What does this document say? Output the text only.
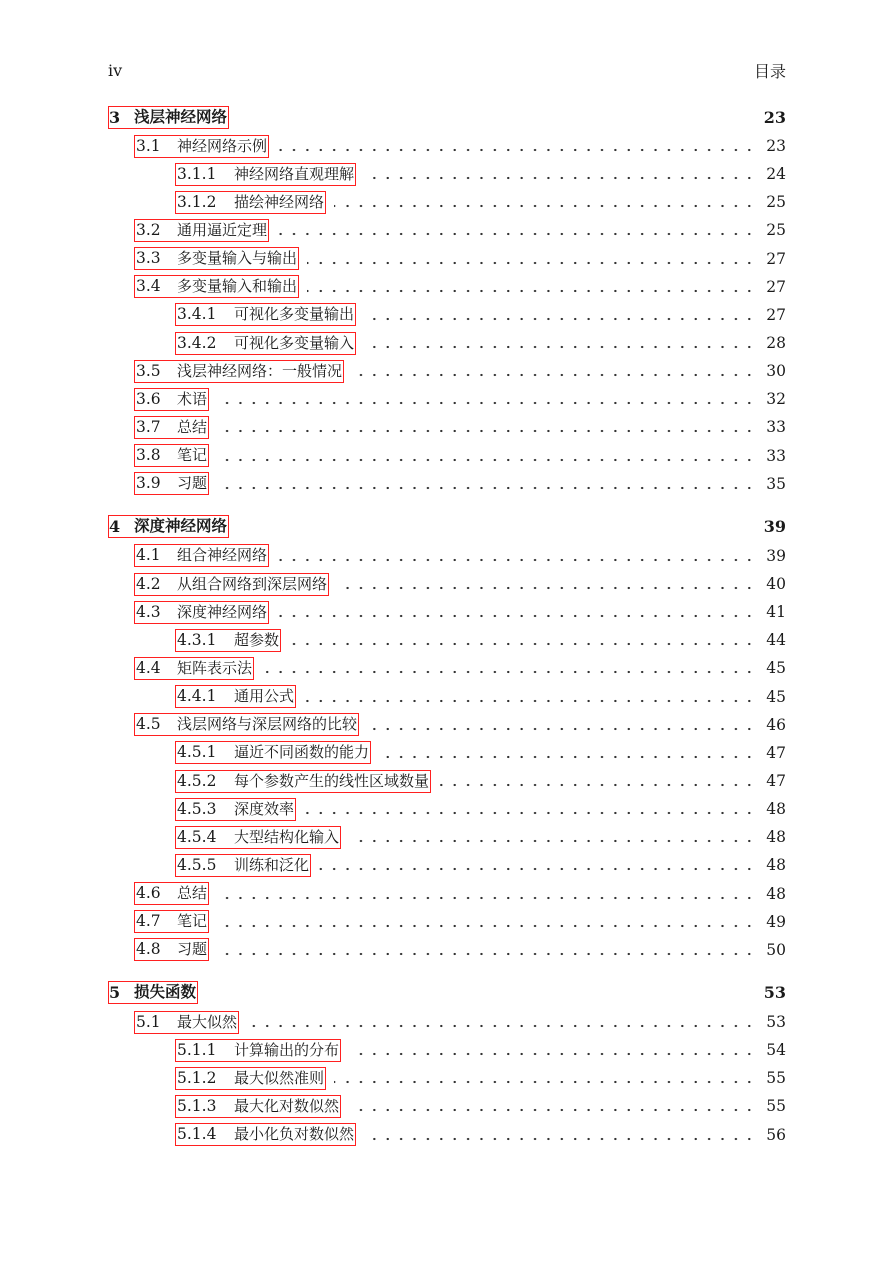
iv	目录
3 浅层神经网络	23
3.1	神经网络示例	23
3.1.1	神经网络直观理解	24
3.1.2	描绘神经网络	25
3.2	通用逼近定理	25
3.3	多变量输入与输出	27
3.4	多变量输入和输出	27
3.4.1	可视化多变量输出	27
3.4.2	可视化多变量输入	28
3.5	浅层神经网络：一般情况	30
3.6	术语	32
3.7	总结	33
3.8	笔记	33
3.9	习题	35
4 深度神经网络	39
4.1	组合神经网络	39
4.2	从组合网络到深层网络	40
4.3	深度神经网络	41
4.3.1	超参数	44
4.4	矩阵表示法	45
4.4.1	通用公式	45
4.5	浅层网络与深层网络的比较	46
4.5.1	逼近不同函数的能力	47
4.5.2	每个参数产生的线性区域数量	47
4.5.3	深度效率	48
4.5.4	大型结构化输入	48
4.5.5	训练和泛化	48
4.6	总结	48
4.7	笔记	49
4.8	习题	50
5 损失函数	53
5.1	最大似然	53
5.1.1	计算输出的分布	54
5.1.2	最大似然准则	55
5.1.3	最大化对数似然	55
5.1.4	最小化负对数似然	56
